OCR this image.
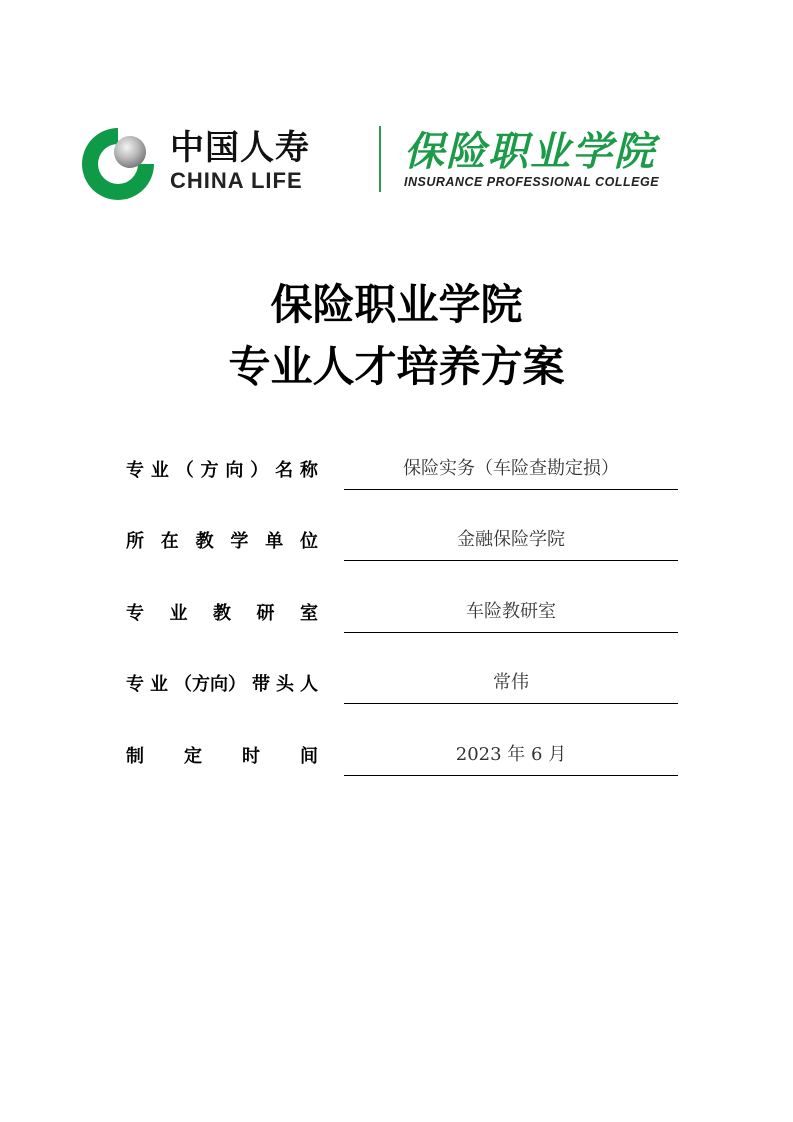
中国人寿
CHINA LIFE
保险职业学院
INSURANCE PROFESSIONAL COLLEGE
保险职业学院
专业人才培养方案
专 业 （ 方 向 ） 名 称	保险实务（车险查勘定损）
所 在 教 学 单 位	金融保险学院
专 业 教 研 室	车险教研室
专 业 （方向） 带 头 人	常伟
制 定 时 间	2023 年 6 月
